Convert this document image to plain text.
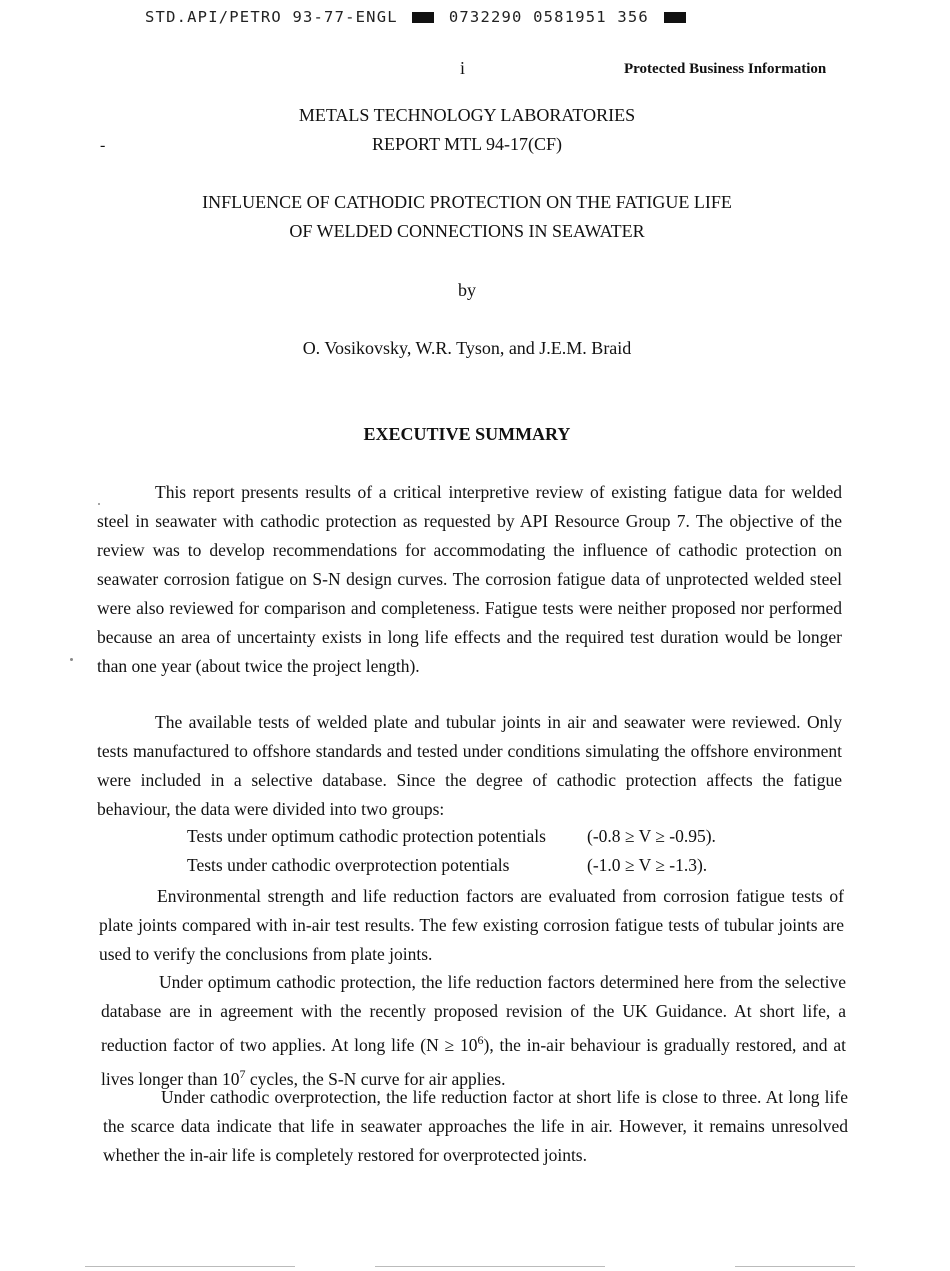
STD.API/PETRO 93-77-ENGL	0732290 0581951 356
i	Protected Business Information
METALS TECHNOLOGY LABORATORIES
-	REPORT MTL 94-17(CF)
INFLUENCE OF CATHODIC PROTECTION ON THE FATIGUE LIFE
OF WELDED CONNECTIONS IN SEAWATER
by
O. Vosikovsky, W.R. Tyson, and J.E.M. Braid
EXECUTIVE SUMMARY

This report presents results of a critical interpretive review of existing fatigue data for welded steel in seawater with cathodic protection as requested by API Resource Group 7. The objective of the review was to develop recommendations for accommodating the influence of cathodic protection on seawater corrosion fatigue on S-N design curves. The corrosion fatigue data of unprotected welded steel were also reviewed for comparison and completeness. Fatigue tests were neither proposed nor performed because an area of uncertainty exists in long life effects and the required test duration would be longer than one year (about twice the project length).

The available tests of welded plate and tubular joints in air and seawater were reviewed. Only tests manufactured to offshore standards and tested under conditions simulating the offshore environment were included in a selective database. Since the degree of cathodic protection affects the fatigue behaviour, the data were divided into two groups:

Tests under optimum cathodic protection potentials (-0.8 ≥ V ≥ -0.95).
Tests under cathodic overprotection potentials	(-1.0 ≥ V ≥ -1.3).

Environmental strength and life reduction factors are evaluated from corrosion fatigue tests of plate joints compared with in-air test results. The few existing corrosion fatigue tests of tubular joints are used to verify the conclusions from plate joints.

Under optimum cathodic protection, the life reduction factors determined here from the selective database are in agreement with the recently proposed revision of the UK Guidance. At short life, a reduction factor of two applies. At long life $(N \ge 10^6)$, the in-air behaviour is gradually restored, and at lives longer than $10^7$ cycles, the S-N curve for air applies.

Under cathodic overprotection, the life reduction factor at short life is close to three. At long life the scarce data indicate that life in seawater approaches the life in air. However, it remains unresolved whether the in-air life is completely restored for overprotected joints.
